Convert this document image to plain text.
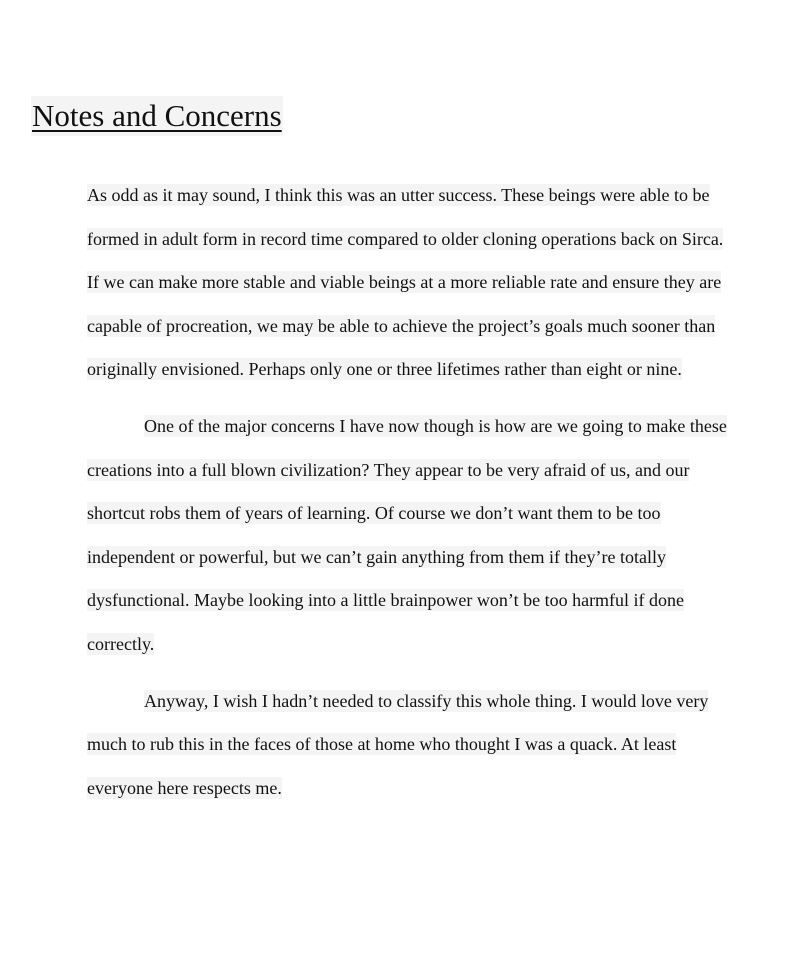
Notes and Concerns
As odd as it may sound, I think this was an utter success. These beings were able to be
formed in adult form in record time compared to older cloning operations back on Sirca.
If we can make more stable and viable beings at a more reliable rate and ensure they are
capable of procreation, we may be able to achieve the project’s goals much sooner than
originally envisioned. Perhaps only one or three lifetimes rather than eight or nine.
One of the major concerns I have now though is how are we going to make these
creations into a full blown civilization? They appear to be very afraid of us, and our
shortcut robs them of years of learning. Of course we don’t want them to be too
independent or powerful, but we can’t gain anything from them if they’re totally
dysfunctional. Maybe looking into a little brainpower won’t be too harmful if done
correctly.
Anyway, I wish I hadn’t needed to classify this whole thing. I would love very
much to rub this in the faces of those at home who thought I was a quack. At least
everyone here respects me.
